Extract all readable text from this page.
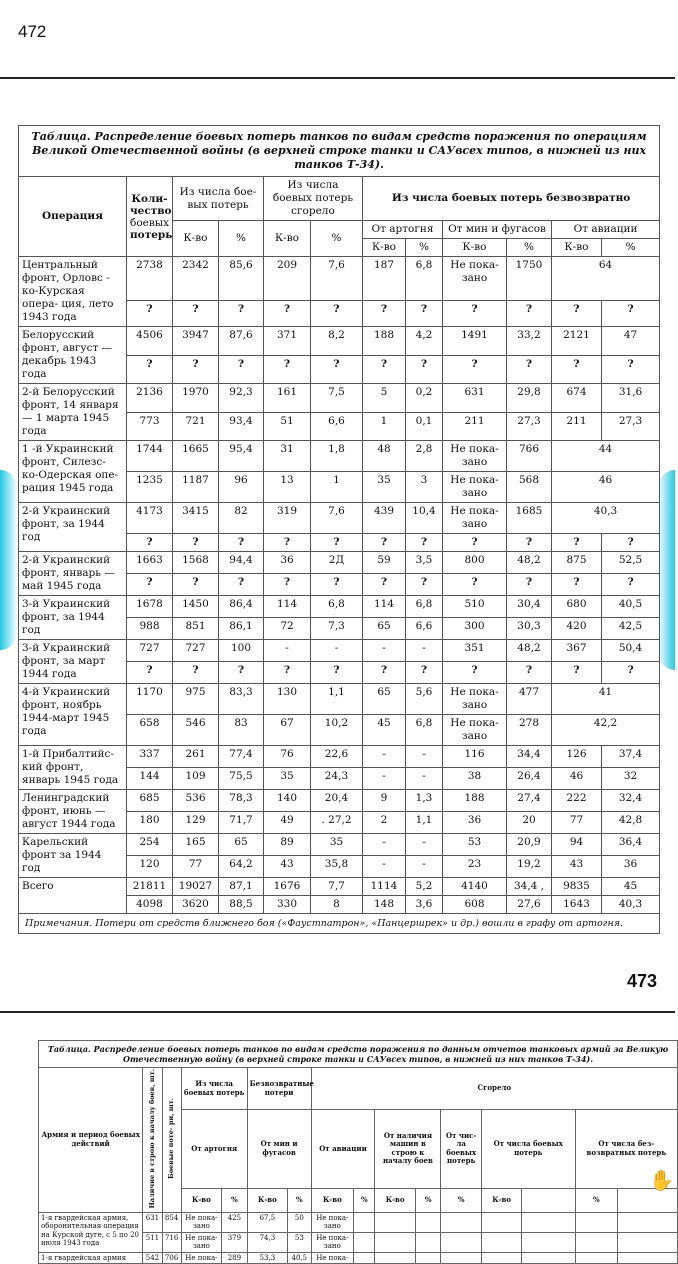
472
Таблица. Распределение боевых потерь танков по видам средств поражения по операциям Великой Отечественной войны (в верхней строке танки и САУвсех типов, в нижней из них танков Т-34).											
Операция	Коли-
чество
боевых
потерь	Из числа бое-
вых потерь		Из числа боевых потерь сгорело		Из числа боевых потерь безвозвратно					
		К-во	%	К-во	%	От артогня		От мин и фугасов		От авиации	
						К-во	%	К-во	%	К-во	%
Центральный фронт, Орловс - ко-Курская опера- ция, лето 1943 года	2738	2342	85,6	209	7,6	187	6,8	Не пока- зано	1750	64	
	?	?	?	?	?	?	?	?	?	?	?
Белорусский фронт, август — декабрь 1943 года	4506	3947	87,6	371	8,2	188	4,2	1491	33,2	2121	47
	?	?	?	?	?	?	?	?	?	?	?
2-й Белорусский фронт, 14 января — 1 марта 1945 года	2136	1970	92,3	161	7,5	5	0,2	631	29,8	674	31,6
	773	721	93,4	51	6,6	1	0,1	211	27,3	211	27,3
1 -й Украинский фронт, Силезс- ко-Одерская опе- рация 1945 года	1744	1665	95,4	31	1,8	48	2,8	Не пока- зано	766	44	
	1235	1187	96	13	1	35	3	Не пока- зано	568	46	
2-й Украинский фронт, за 1944 год	4173	3415	82	319	7,6	439	10,4	Не пока- зано	1685	40,3	
	?	?	?	?	?	?	?	?	?	?	?
2-й Украинский фронт, январь — май 1945 года	1663	1568	94,4	36	2Д	59	3,5	800	48,2	875	52,5
	?	?	?	?	?	?	?	?	?	?	?
3-й Украинский фронт, за 1944 год	1678	1450	86,4	114	6,8	114	6,8	510	30,4	680	40,5
	988	851	86,1	72	7,3	65	6,6	300	30,3	420	42,5
3-й Украинский фронт, за март 1944 года	727	727	100	-	-	-	-	351	48,2	367	50,4
	?	?	?	?	?	?	?	?	?	?	?
4-й Украинский фронт, ноябрь 1944-март 1945 года	1170	975	83,3	130	1,1	65	5,6	Не пока- зано	477	41	
	658	546	83	67	10,2	45	6,8	Не пока- зано	278	42,2	
1-й Прибалтийс- кий фронт, январь 1945 года	337	261	77,4	76	22,6	-	-	116	34,4	126	37,4
	144	109	75,5	35	24,3	-	-	38	26,4	46	32
Ленинградский фронт, июнь — август 1944 года	685	536	78,3	140	20,4	9	1,3	188	27,4	222	32,4
	180	129	71,7	49	. 27,2	2	1,1	36	20	77	42,8
Карельский фронт за 1944 год	254	165	65	89	35	-	-	53	20,9	94	36,4
	120	77	64,2	43	35,8	-	-	23	19,2	43	36
Всего	21811	19027	87,1	1676	7,7	1114	5,2	4140	34,4 ,	9835	45
	4098	3620	88,5	330	8	148	3,6	608	27,6	1643	40,3
Примечания. Потери от средств ближнего боя («Фаустпатрон», «Панцершрек» и др.) вошли в графу от артогня.											
473
Таблица. Распределение боевых потерь танков по видам средств поражения по данным отчетов танковых армий за Великую Отечественную войну (в верхней строке танки и САУвсех типов, в нижней из них танков Т-34).															
Армия и период боевых действий	Наличие в строю к началу боев, шт.	Боевые поте- ри, шт.	Из числа боевых потерь		Безвозвратные потери		Сгорело								
			От артогня		От мин и фугасов		От авиации		От наличия машин в строю к началу боев		От чис- ла боевых потерь	От числа боевых потерь		От числа без- возвратных потерь	
			К-во	%	К-во	%	К-во	%	К-во	%	%	К-во		%	
1-я гвардейская армия, оборонительная операция на Курской дуге, с 5 по 20 июля 1943 года	631	854	Не пока- зано	425	67,5	50	Не пока- зано								
	511	716	Не пока- зано	379	74,3	53	Не пока- зано								
1-я гвардейская армия	542	706	Не пока-	289	53,3	40,5	Не пока-								
✋
